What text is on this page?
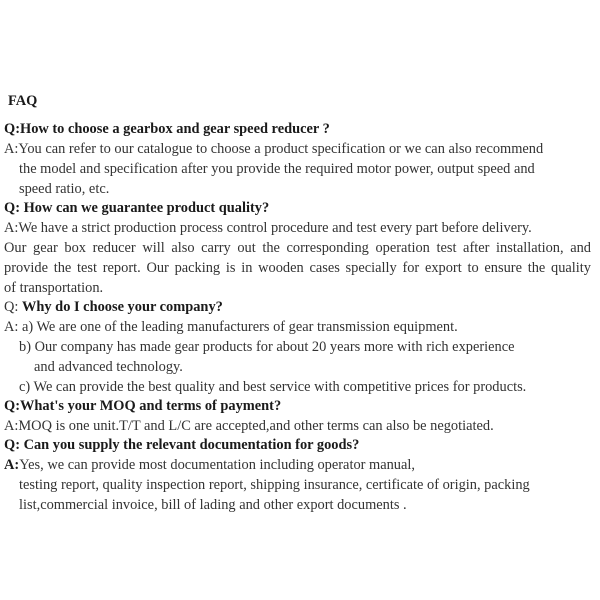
FAQ
Q:How to choose a gearbox and gear speed reducer ?
A:You can refer to our catalogue to choose a product specification or we can also recommend
the model and specification after you provide the required motor power, output speed and
speed ratio, etc.
Q: How can we guarantee product quality?
A:We have a strict production process control procedure and test every part before delivery.
Our gear box reducer will also carry out the corresponding operation test after installation, and
provide the test report. Our packing is in wooden cases specially for export to ensure the quality
of transportation.
Q: Why do I choose your company?
A: a) We are one of the leading manufacturers of gear transmission equipment.
b) Our company has made gear products for about 20 years more with rich experience
and advanced technology.
c) We can provide the best quality and best service with competitive prices for products.
Q:What's your MOQ and terms of payment?
A:MOQ is one unit.T/T and L/C are accepted,and other terms can also be negotiated.
Q: Can you supply the relevant documentation for goods?
A:Yes, we can provide most documentation including operator manual,
testing report, quality inspection report, shipping insurance, certificate of origin, packing
list,commercial invoice, bill of lading and other export documents .
